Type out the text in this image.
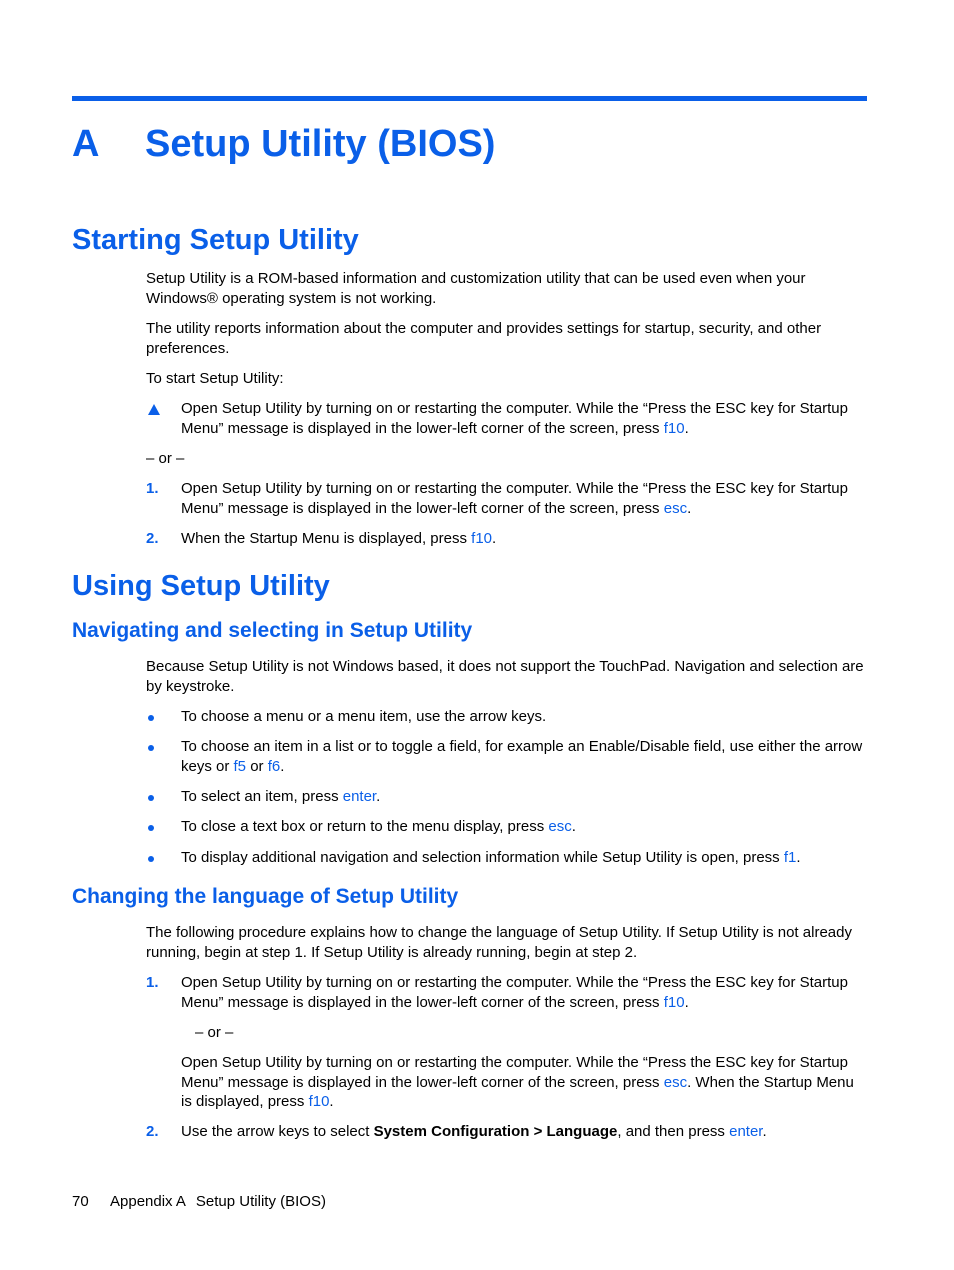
A Setup Utility (BIOS)
Starting Setup Utility

Setup Utility is a ROM-based information and customization utility that can be used even when your Windows® operating system is not working.

The utility reports information about the computer and provides settings for startup, security, and other preferences.

To start Setup Utility:

Open Setup Utility by turning on or restarting the computer. While the “Press the ESC key for Startup Menu” message is displayed in the lower-left corner of the screen, press f10.

– or –

1. Open Setup Utility by turning on or restarting the computer. While the “Press the ESC key for Startup Menu” message is displayed in the lower-left corner of the screen, press esc.

2. When the Startup Menu is displayed, press f10.

Using Setup Utility
Navigating and selecting in Setup Utility

Because Setup Utility is not Windows based, it does not support the TouchPad. Navigation and selection are by keystroke.

To choose a menu or a menu item, use the arrow keys.

To choose an item in a list or to toggle a field, for example an Enable/Disable field, use either the arrow keys or f5 or f6.

To select an item, press enter.

To close a text box or return to the menu display, press esc.

To display additional navigation and selection information while Setup Utility is open, press f1.

Changing the language of Setup Utility

The following procedure explains how to change the language of Setup Utility. If Setup Utility is not already running, begin at step 1. If Setup Utility is already running, begin at step 2.

1. Open Setup Utility by turning on or restarting the computer. While the “Press the ESC key for Startup Menu” message is displayed in the lower-left corner of the screen, press f10.

– or –

Open Setup Utility by turning on or restarting the computer. While the “Press the ESC key for Startup Menu” message is displayed in the lower-left corner of the screen, press esc. When the Startup Menu is displayed, press f10.

2. Use the arrow keys to select System Configuration > Language, and then press enter.

70 Appendix A Setup Utility (BIOS)
